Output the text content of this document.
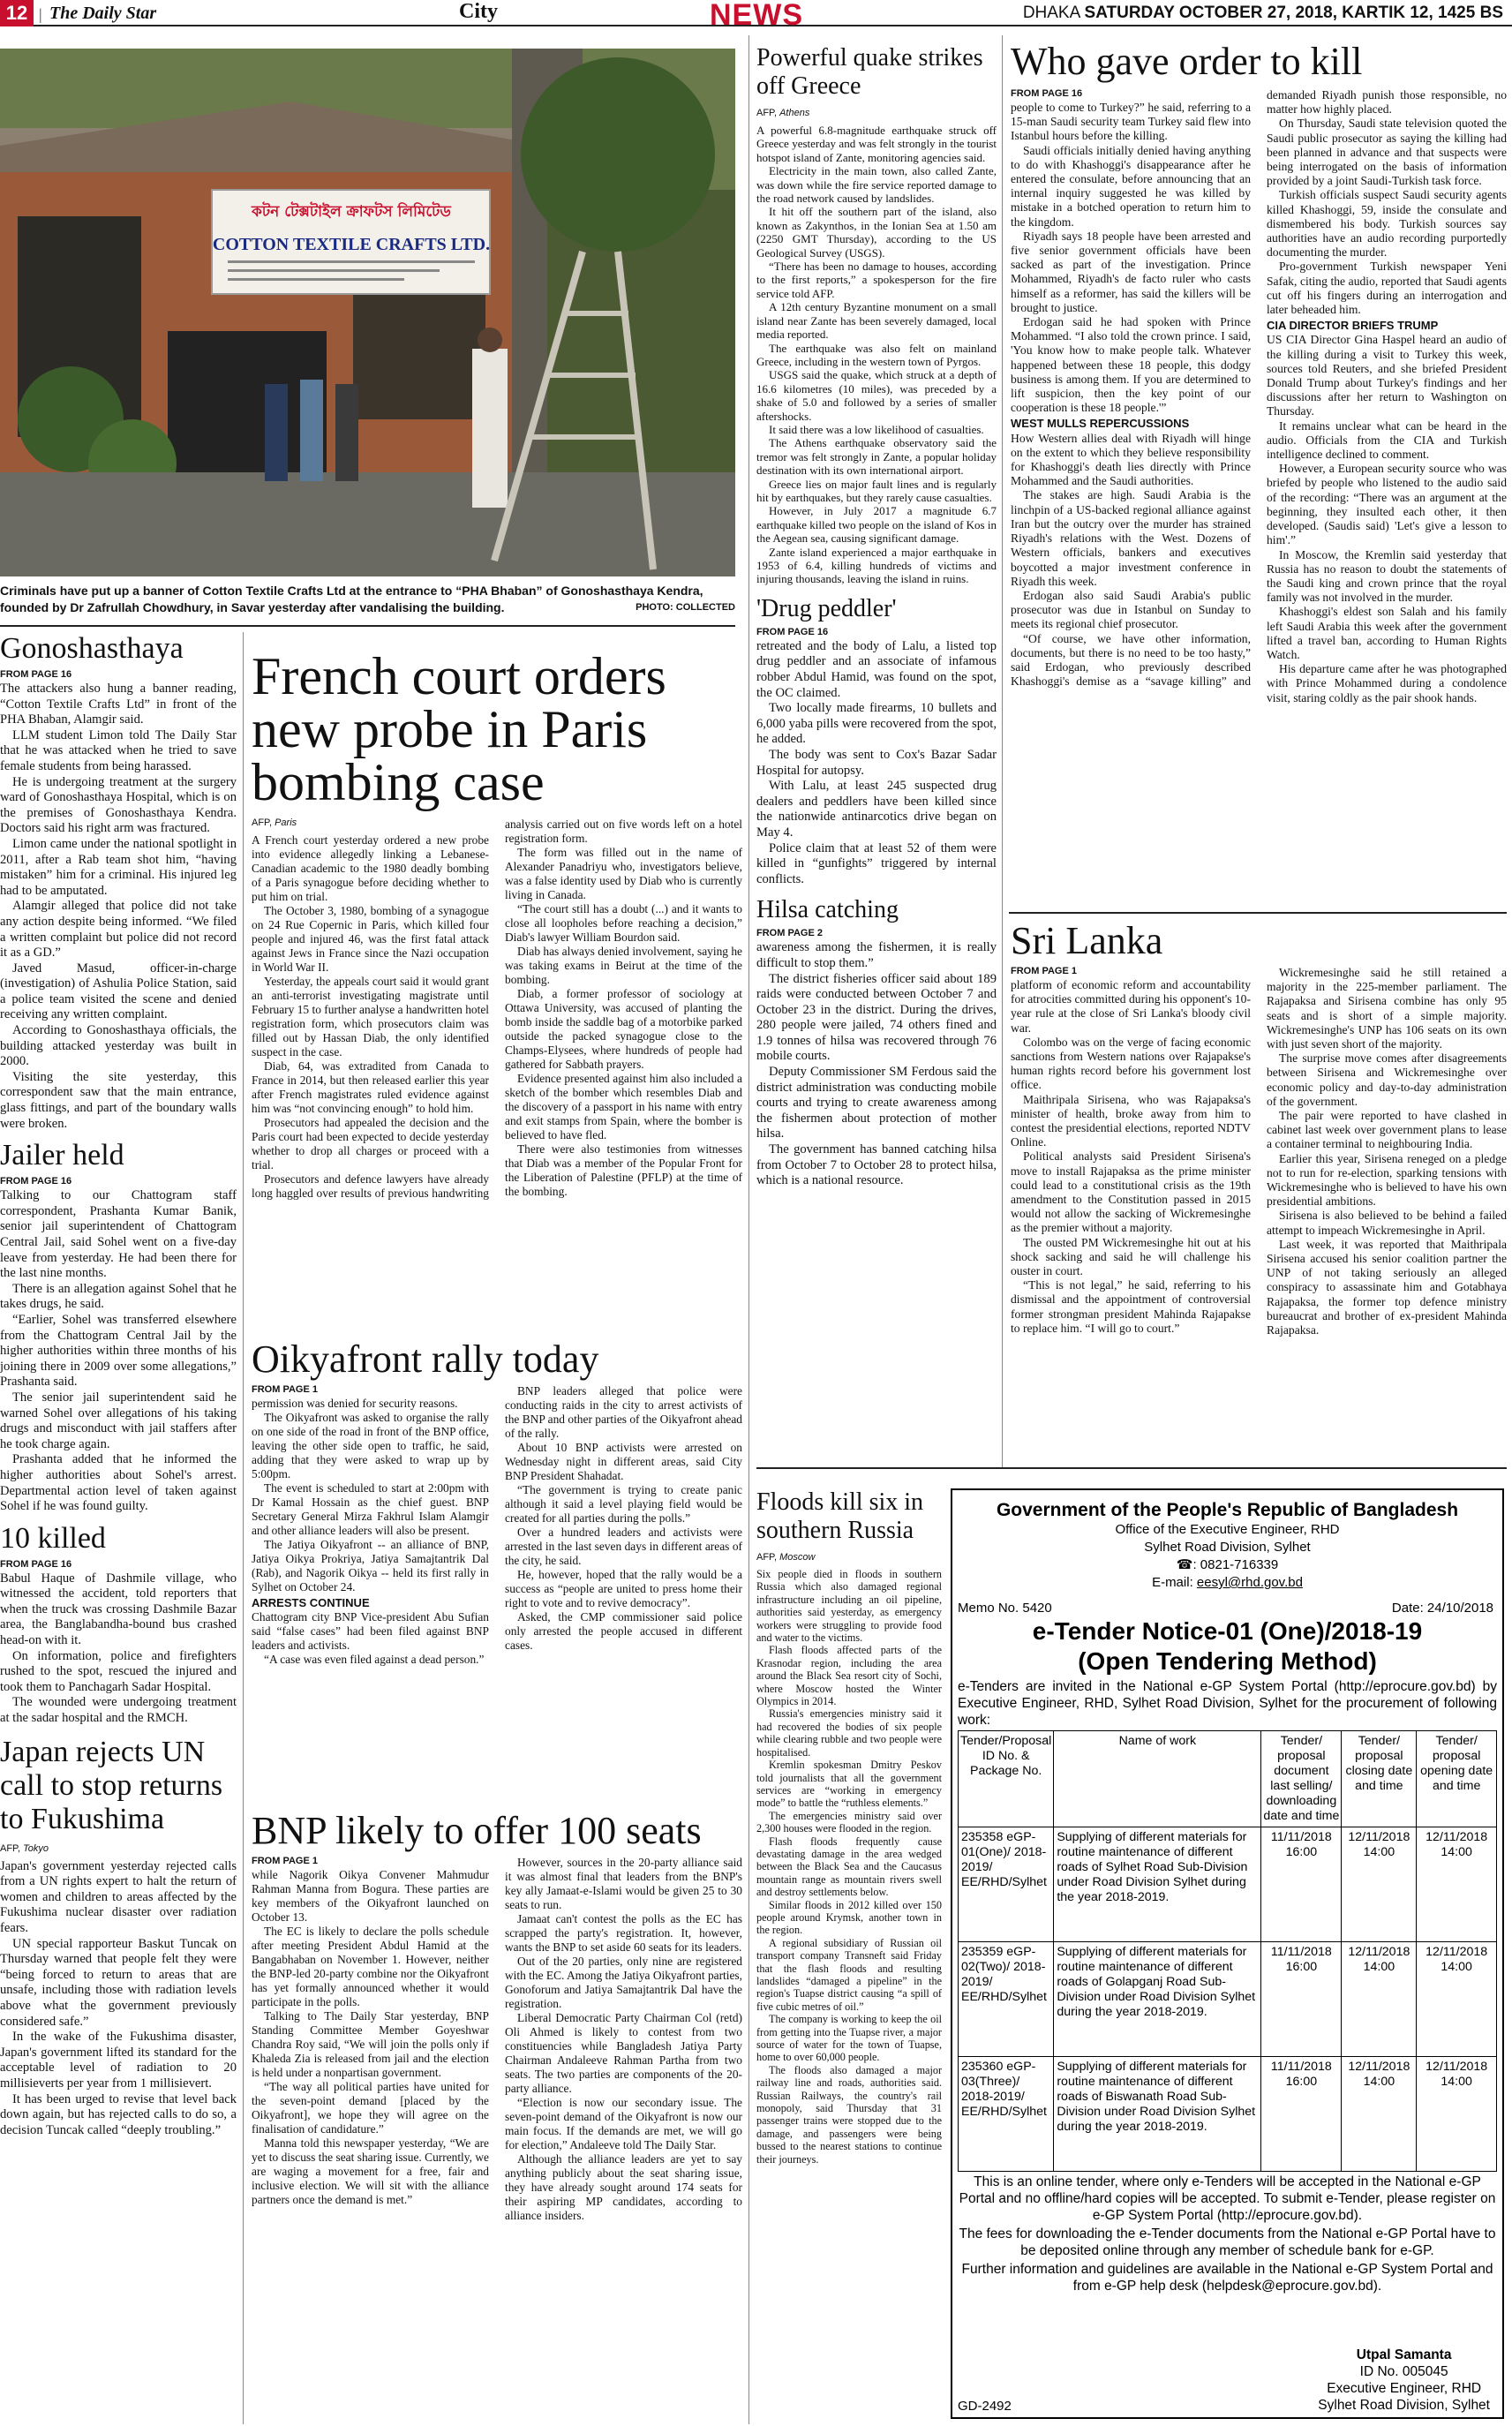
12 | The Daily Star	City	NEWS	DHAKA SATURDAY OCTOBER 27, 2018, KARTIK 12, 1425 BS
কটন টেক্সটাইল ক্রাফটস লিমিটেড
COTTON TEXTILE CRAFTS LTD.
Criminals have put up a banner of Cotton Textile Crafts Ltd at the entrance to “PHA Bhaban” of Gonoshasthaya Kendra, founded by Dr Zafrullah Chowdhury, in Savar yesterday after vandalising the building.	PHOTO: COLLECTED
Gonoshasthaya
FROM PAGE 16

The attackers also hung a banner reading, “Cotton Textile Crafts Ltd” in front of the PHA Bhaban, Alamgir said.

LLM student Limon told The Daily Star that he was attacked when he tried to save female students from being harassed.

He is undergoing treatment at the surgery ward of Gonoshasthaya Hospital, which is on the premises of Gonoshasthaya Kendra. Doctors said his right arm was fractured.

Limon came under the national spotlight in 2011, after a Rab team shot him, “having mistaken” him for a criminal. His injured leg had to be amputated.

Alamgir alleged that police did not take any action despite being informed. “We filed a written complaint but police did not record it as a GD.”

Javed Masud, officer-in-charge (investigation) of Ashulia Police Station, said a police team visited the scene and denied receiving any written complaint.

According to Gonoshasthaya officials, the building attacked yesterday was built in 2000.

Visiting the site yesterday, this correspondent saw that the main entrance, glass fittings, and part of the boundary walls were broken.

Jailer held
FROM PAGE 16

Talking to our Chattogram staff correspondent, Prashanta Kumar Banik, senior jail superintendent of Chattogram Central Jail, said Sohel went on a five-day leave from yesterday. He had been there for the last nine months.

There is an allegation against Sohel that he takes drugs, he said.

“Earlier, Sohel was transferred elsewhere from the Chattogram Central Jail by the higher authorities within three months of his joining there in 2009 over some allegations,” Prashanta said.

The senior jail superintendent said he warned Sohel over allegations of his taking drugs and misconduct with jail staffers after he took charge again.

Prashanta added that he informed the higher authorities about Sohel's arrest. Departmental action level of taken against Sohel if he was found guilty.

10 killed
FROM PAGE 16

Babul Haque of Dashmile village, who witnessed the accident, told reporters that when the truck was crossing Dashmile Bazar area, the Banglabandha-bound bus crashed head-on with it.

On information, police and firefighters rushed to the spot, rescued the injured and took them to Panchagarh Sadar Hospital.

The wounded were undergoing treatment at the sadar hospital and the RMCH.

Japan rejects UN call to stop returns to Fukushima
AFP, Tokyo

Japan's government yesterday rejected calls from a UN rights expert to halt the return of women and children to areas affected by the Fukushima nuclear disaster over radiation fears.

UN special rapporteur Baskut Tuncak on Thursday warned that people felt they were “being forced to return to areas that are unsafe, including those with radiation levels above what the government previously considered safe.”

In the wake of the Fukushima disaster, Japan's government lifted its standard for the acceptable level of radiation to 20 millisieverts per year from 1 millisievert.

It has been urged to revise that level back down again, but has rejected calls to do so, a decision Tuncak called “deeply troubling.”

French court orders new probe in Paris bombing case
AFP, Paris

A French court yesterday ordered a new probe into evidence allegedly linking a Lebanese-Canadian academic to the 1980 deadly bombing of a Paris synagogue before deciding whether to put him on trial.

The October 3, 1980, bombing of a synagogue on 24 Rue Copernic in Paris, which killed four people and injured 46, was the first fatal attack against Jews in France since the Nazi occupation in World War II.

Yesterday, the appeals court said it would grant an anti-terrorist investigating magistrate until February 15 to further analyse a handwritten hotel registration form, which prosecutors claim was filled out by Hassan Diab, the only identified suspect in the case.

Diab, 64, was extradited from Canada to France in 2014, but then released earlier this year after French magistrates ruled evidence against him was “not convincing enough” to hold him.

Prosecutors had appealed the decision and the Paris court had been expected to decide yesterday whether to drop all charges or proceed with a trial.

Prosecutors and defence lawyers have already long haggled over results of previous handwriting analysis carried out on five words left on a hotel registration form.

The form was filled out in the name of Alexander Panadriyu who, investigators believe, was a false identity used by Diab who is currently living in Canada.

“The court still has a doubt (...) and it wants to close all loopholes before reaching a decision,” Diab's lawyer William Bourdon said.

Diab has always denied involvement, saying he was taking exams in Beirut at the time of the bombing.

Diab, a former professor of sociology at Ottawa University, was accused of planting the bomb inside the saddle bag of a motorbike parked outside the packed synagogue close to the Champs-Elysees, where hundreds of people had gathered for Sabbath prayers.

Evidence presented against him also included a sketch of the bomber which resembles Diab and the discovery of a passport in his name with entry and exit stamps from Spain, where the bomber is believed to have fled.

There were also testimonies from witnesses that Diab was a member of the Popular Front for the Liberation of Palestine (PFLP) at the time of the bombing.

Oikyafront rally today
FROM PAGE 1

permission was denied for security reasons.

The Oikyafront was asked to organise the rally on one side of the road in front of the BNP office, leaving the other side open to traffic, he said, adding that they were asked to wrap up by 5:00pm.

The event is scheduled to start at 2:00pm with Dr Kamal Hossain as the chief guest. BNP Secretary General Mirza Fakhrul Islam Alamgir and other alliance leaders will also be present.

The Jatiya Oikyafront -- an alliance of BNP, Jatiya Oikya Prokriya, Jatiya Samajtantrik Dal (Rab), and Nagorik Oikya -- held its first rally in Sylhet on October 24.

ARRESTS CONTINUE

Chattogram city BNP Vice-president Abu Sufian said “false cases” had been filed against BNP leaders and activists.

“A case was even filed against a dead person.”

BNP leaders alleged that police were conducting raids in the city to arrest activists of the BNP and other parties of the Oikyafront ahead of the rally.

About 10 BNP activists were arrested on Wednesday night in different areas, said City BNP President Shahadat.

“The government is trying to create panic although it said a level playing field would be created for all parties during the polls.”

Over a hundred leaders and activists were arrested in the last seven days in different areas of the city, he said.

He, however, hoped that the rally would be a success as “people are united to press home their right to vote and to revive democracy”.

Asked, the CMP commissioner said police only arrested the people accused in different cases.

BNP likely to offer 100 seats
FROM PAGE 1

while Nagorik Oikya Convener Mahmudur Rahman Manna from Bogura. These parties are key members of the Oikyafront launched on October 13.

The EC is likely to declare the polls schedule after meeting President Abdul Hamid at the Bangabhaban on November 1. However, neither the BNP-led 20-party combine nor the Oikyafront has yet formally announced whether it would participate in the polls.

Talking to The Daily Star yesterday, BNP Standing Committee Member Goyeshwar Chandra Roy said, “We will join the polls only if Khaleda Zia is released from jail and the election is held under a nonpartisan government.

“The way all political parties have united for the seven-point demand [placed by the Oikyafront], we hope they will agree on the finalisation of candidature.”

Manna told this newspaper yesterday, “We are yet to discuss the seat sharing issue. Currently, we are waging a movement for a free, fair and inclusive election. We will sit with the alliance partners once the demand is met.”

However, sources in the 20-party alliance said it was almost final that leaders from the BNP's key ally Jamaat-e-Islami would be given 25 to 30 seats to run.

Jamaat can't contest the polls as the EC has scrapped the party's registration. It, however, wants the BNP to set aside 60 seats for its leaders.

Out of the 20 parties, only nine are registered with the EC. Among the Jatiya Oikyafront parties, Gonoforum and Jatiya Samajtantrik Dal have the registration.

Liberal Democratic Party Chairman Col (retd) Oli Ahmed is likely to contest from two constituencies while Bangladesh Jatiya Party Chairman Andaleeve Rahman Partha from two seats. The two parties are components of the 20-party alliance.

“Election is now our secondary issue. The seven-point demand of the Oikyafront is now our main focus. If the demands are met, we will go for election,” Andaleeve told The Daily Star.

Although the alliance leaders are yet to say anything publicly about the seat sharing issue, they have already sought around 174 seats for their aspiring MP candidates, according to alliance insiders.

Powerful quake strikes off Greece
AFP, Athens

A powerful 6.8-magnitude earthquake struck off Greece yesterday and was felt strongly in the tourist hotspot island of Zante, monitoring agencies said.

Electricity in the main town, also called Zante, was down while the fire service reported damage to the road network caused by landslides.

It hit off the southern part of the island, also known as Zakynthos, in the Ionian Sea at 1.50 am (2250 GMT Thursday), according to the US Geological Survey (USGS).

“There has been no damage to houses, according to the first reports,” a spokesperson for the fire service told AFP.

A 12th century Byzantine monument on a small island near Zante has been severely damaged, local media reported.

The earthquake was also felt on mainland Greece, including in the western town of Pyrgos.

USGS said the quake, which struck at a depth of 16.6 kilometres (10 miles), was preceded by a shake of 5.0 and followed by a series of smaller aftershocks.

It said there was a low likelihood of casualties.

The Athens earthquake observatory said the tremor was felt strongly in Zante, a popular holiday destination with its own international airport.

Greece lies on major fault lines and is regularly hit by earthquakes, but they rarely cause casualties.

However, in July 2017 a magnitude 6.7 earthquake killed two people on the island of Kos in the Aegean sea, causing significant damage.

Zante island experienced a major earthquake in 1953 of 6.4, killing hundreds of victims and injuring thousands, leaving the island in ruins.

'Drug peddler'
FROM PAGE 16

retreated and the body of Lalu, a listed top drug peddler and an associate of infamous robber Abdul Hamid, was found on the spot, the OC claimed.

Two locally made firearms, 10 bullets and 6,000 yaba pills were recovered from the spot, he added.

The body was sent to Cox's Bazar Sadar Hospital for autopsy.

With Lalu, at least 245 suspected drug dealers and peddlers have been killed since the nationwide antinarcotics drive began on May 4.

Police claim that at least 52 of them were killed in “gunfights” triggered by internal conflicts.

Hilsa catching
FROM PAGE 2

awareness among the fishermen, it is really difficult to stop them.”

The district fisheries officer said about 189 raids were conducted between October 7 and October 23 in the district. During the drives, 280 people were jailed, 74 others fined and 1.9 tonnes of hilsa was recovered through 76 mobile courts.

Deputy Commissioner SM Ferdous said the district administration was conducting mobile courts and trying to create awareness among the fishermen about protection of mother hilsa.

The government has banned catching hilsa from October 7 to October 28 to protect hilsa, which is a national resource.

Floods kill six in southern Russia
AFP, Moscow

Six people died in floods in southern Russia which also damaged regional infrastructure including an oil pipeline, authorities said yesterday, as emergency workers were struggling to provide food and water to the victims.

Flash floods affected parts of the Krasnodar region, including the area around the Black Sea resort city of Sochi, where Moscow hosted the Winter Olympics in 2014.

Russia's emergencies ministry said it had recovered the bodies of six people while clearing rubble and two people were hospitalised.

Kremlin spokesman Dmitry Peskov told journalists that all the government services are “working in emergency mode” to battle the “ruthless elements.”

The emergencies ministry said over 2,300 houses were flooded in the region.

Flash floods frequently cause devastating damage in the area wedged between the Black Sea and the Caucasus mountain range as mountain rivers swell and destroy settlements below.

Similar floods in 2012 killed over 150 people around Krymsk, another town in the region.

A regional subsidiary of Russian oil transport company Transneft said Friday that the flash floods and resulting landslides “damaged a pipeline” in the region's Tuapse district causing “a spill of five cubic metres of oil.”

The company is working to keep the oil from getting into the Tuapse river, a major source of water for the town of Tuapse, home to over 60,000 people.

The floods also damaged a major railway line and roads, authorities said. Russian Railways, the country's rail monopoly, said Thursday that 31 passenger trains were stopped due to the damage, and passengers were being bussed to the nearest stations to continue their journeys.

Who gave order to kill
FROM PAGE 16

people to come to Turkey?” he said, referring to a 15-man Saudi security team Turkey said flew into Istanbul hours before the killing.

Saudi officials initially denied having anything to do with Khashoggi's disappearance after he entered the consulate, before announcing that an internal inquiry suggested he was killed by mistake in a botched operation to return him to the kingdom.

Riyadh says 18 people have been arrested and five senior government officials have been sacked as part of the investigation. Prince Mohammed, Riyadh's de facto ruler who casts himself as a reformer, has said the killers will be brought to justice.

Erdogan said he had spoken with Prince Mohammed. “I also told the crown prince. I said, 'You know how to make people talk. Whatever happened between these 18 people, this dodgy business is among them. If you are determined to lift suspicion, then the key point of our cooperation is these 18 people.'”

WEST MULLS REPERCUSSIONS

How Western allies deal with Riyadh will hinge on the extent to which they believe responsibility for Khashoggi's death lies directly with Prince Mohammed and the Saudi authorities.

The stakes are high. Saudi Arabia is the linchpin of a US-backed regional alliance against Iran but the outcry over the murder has strained Riyadh's relations with the West. Dozens of Western officials, bankers and executives boycotted a major investment conference in Riyadh this week.

Erdogan also said Saudi Arabia's public prosecutor was due in Istanbul on Sunday to meets its regional chief prosecutor.

“Of course, we have other information, documents, but there is no need to be too hasty,” said Erdogan, who previously described Khashoggi's demise as a “savage killing” and demanded Riyadh punish those responsible, no matter how highly placed.

On Thursday, Saudi state television quoted the Saudi public prosecutor as saying the killing had been planned in advance and that suspects were being interrogated on the basis of information provided by a joint Saudi-Turkish task force.

Turkish officials suspect Saudi security agents killed Khashoggi, 59, inside the consulate and dismembered his body. Turkish sources say authorities have an audio recording purportedly documenting the murder.

Pro-government Turkish newspaper Yeni Safak, citing the audio, reported that Saudi agents cut off his fingers during an interrogation and later beheaded him.

CIA DIRECTOR BRIEFS TRUMP

US CIA Director Gina Haspel heard an audio of the killing during a visit to Turkey this week, sources told Reuters, and she briefed President Donald Trump about Turkey's findings and her discussions after her return to Washington on Thursday.

It remains unclear what can be heard in the audio. Officials from the CIA and Turkish intelligence declined to comment.

However, a European security source who was briefed by people who listened to the audio said of the recording: “There was an argument at the beginning, they insulted each other, it then developed. (Saudis said) 'Let's give a lesson to him'.”

In Moscow, the Kremlin said yesterday that Russia has no reason to doubt the statements of the Saudi king and crown prince that the royal family was not involved in the murder.

Khashoggi's eldest son Salah and his family left Saudi Arabia this week after the government lifted a travel ban, according to Human Rights Watch.

His departure came after he was photographed with Prince Mohammed during a condolence visit, staring coldly as the pair shook hands.

Sri Lanka
FROM PAGE 1

platform of economic reform and accountability for atrocities committed during his opponent's 10-year rule at the close of Sri Lanka's bloody civil war.

Colombo was on the verge of facing economic sanctions from Western nations over Rajapakse's human rights record before his government lost office.

Maithripala Sirisena, who was Rajapaksa's minister of health, broke away from him to contest the presidential elections, reported NDTV Online.

Political analysts said President Sirisena's move to install Rajapaksa as the prime minister could lead to a constitutional crisis as the 19th amendment to the Constitution passed in 2015 would not allow the sacking of Wickremesinghe as the premier without a majority.

The ousted PM Wickremesinghe hit out at his shock sacking and said he will challenge his ouster in court.

“This is not legal,” he said, referring to his dismissal and the appointment of controversial former strongman president Mahinda Rajapakse to replace him. “I will go to court.”

Wickremesinghe said he still retained a majority in the 225-member parliament. The Rajapaksa and Sirisena combine has only 95 seats and is short of a simple majority. Wickremesinghe's UNP has 106 seats on its own with just seven short of the majority.

The surprise move comes after disagreements between Sirisena and Wickremesinghe over economic policy and day-to-day administration of the government.

The pair were reported to have clashed in cabinet last week over government plans to lease a container terminal to neighbouring India.

Earlier this year, Sirisena reneged on a pledge not to run for re-election, sparking tensions with Wickremesinghe who is believed to have his own presidential ambitions.

Sirisena is also believed to be behind a failed attempt to impeach Wickremesinghe in April.

Last week, it was reported that Maithripala Sirisena accused his senior coalition partner the UNP of not taking seriously an alleged conspiracy to assassinate him and Gotabhaya Rajapaksa, the former top defence ministry bureaucrat and brother of ex-president Mahinda Rajapaksa.

Government of the People's Republic of Bangladesh
Office of the Executive Engineer, RHD
Sylhet Road Division, Sylhet
☎: 0821-716339
E-mail: eesyl@rhd.gov.bd
Memo No. 5420	Date: 24/10/2018
e-Tender Notice-01 (One)/2018-19
(Open Tendering Method)
e-Tenders are invited in the National e-GP System Portal (http://eprocure.gov.bd) by Executive Engineer, RHD, Sylhet Road Division, Sylhet for the procurement of following work:
Tender/Proposal ID No. & Package No.	Name of work	Tender/ proposal document last selling/ downloading date and time	Tender/ proposal closing date and time	Tender/ proposal opening date and time
235358 eGP-01(One)/ 2018-2019/ EE/RHD/Sylhet	Supplying of different materials for routine maintenance of different roads of Sylhet Road Sub-Division under Road Division Sylhet during the year 2018-2019.	11/11/2018 16:00	12/11/2018 14:00	12/11/2018 14:00
235359 eGP-02(Two)/ 2018-2019/ EE/RHD/Sylhet	Supplying of different materials for routine maintenance of different roads of Golapganj Road Sub-Division under Road Division Sylhet during the year 2018-2019.	11/11/2018 16:00	12/11/2018 14:00	12/11/2018 14:00
235360 eGP- 03(Three)/ 2018-2019/ EE/RHD/Sylhet	Supplying of different materials for routine maintenance of different roads of Biswanath Road Sub-Division under Road Division Sylhet during the year 2018-2019.	11/11/2018 16:00	12/11/2018 14:00	12/11/2018 14:00
This is an online tender, where only e-Tenders will be accepted in the National e-GP Portal and no offline/hard copies will be accepted. To submit e-Tender, please register on e-GP System Portal (http://eprocure.gov.bd).
The fees for downloading the e-Tender documents from the National e-GP Portal have to be deposited online through any member of schedule bank for e-GP.
Further information and guidelines are available in the National e-GP System Portal and from e-GP help desk (helpdesk@eprocure.gov.bd).
GD-2492
Utpal Samanta
ID No. 005045
Executive Engineer, RHD
Sylhet Road Division, Sylhet
